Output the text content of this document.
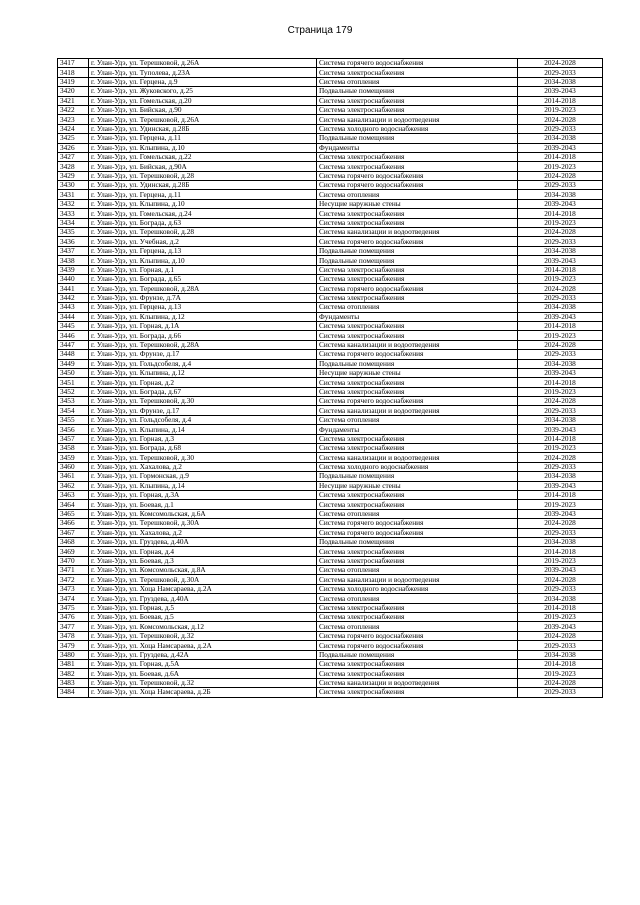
Страница 179
3417	г. Улан-Удэ, ул. Терешковой, д.26А	Система горячего водоснабжения	2024-2028
3418	г. Улан-Удэ, ул. Туполева, д.23А	Система электроснабжения	2029-2033
3419	г. Улан-Удэ, ул. Герцена, д.9	Система отопления	2034-2038
3420	г. Улан-Удэ, ул. Жуковского, д.25	Подвальные помещения	2039-2043
3421	г. Улан-Удэ, ул. Гомельская, д.20	Система электроснабжения	2014-2018
3422	г. Улан-Удэ, ул. Бийская, д.90	Система электроснабжения	2019-2023
3423	г. Улан-Удэ, ул. Терешковой, д.26А	Система канализации и водоотведения	2024-2028
3424	г. Улан-Удэ, ул. Удинская, д.28Б	Система холодного водоснабжения	2029-2033
3425	г. Улан-Удэ, ул. Герцена, д.11	Подвальные помещения	2034-2038
3426	г. Улан-Удэ, ул. Клыпина, д.10	Фундаменты	2039-2043
3427	г. Улан-Удэ, ул. Гомельская, д.22	Система электроснабжения	2014-2018
3428	г. Улан-Удэ, ул. Бийская, д.90А	Система электроснабжения	2019-2023
3429	г. Улан-Удэ, ул. Терешковой, д.28	Система горячего водоснабжения	2024-2028
3430	г. Улан-Удэ, ул. Удинская, д.28Б	Система горячего водоснабжения	2029-2033
3431	г. Улан-Удэ, ул. Герцена, д.11	Система отопления	2034-2038
3432	г. Улан-Удэ, ул. Клыпина, д.10	Несущие наружные стены	2039-2043
3433	г. Улан-Удэ, ул. Гомельская, д.24	Система электроснабжения	2014-2018
3434	г. Улан-Удэ, ул. Бограда, д.63	Система электроснабжения	2019-2023
3435	г. Улан-Удэ, ул. Терешковой, д.28	Система канализации и водоотведения	2024-2028
3436	г. Улан-Удэ, ул. Учебная, д.2	Система горячего водоснабжения	2029-2033
3437	г. Улан-Удэ, ул. Герцена, д.13	Подвальные помещения	2034-2038
3438	г. Улан-Удэ, ул. Клыпина, д.10	Подвальные помещения	2039-2043
3439	г. Улан-Удэ, ул. Горная, д.1	Система электроснабжения	2014-2018
3440	г. Улан-Удэ, ул. Бограда, д.65	Система электроснабжения	2019-2023
3441	г. Улан-Удэ, ул. Терешковой, д.28А	Система горячего водоснабжения	2024-2028
3442	г. Улан-Удэ, ул. Фрунзе, д.7А	Система электроснабжения	2029-2033
3443	г. Улан-Удэ, ул. Герцена, д.13	Система отопления	2034-2038
3444	г. Улан-Удэ, ул. Клыпина, д.12	Фундаменты	2039-2043
3445	г. Улан-Удэ, ул. Горная, д.1А	Система электроснабжения	2014-2018
3446	г. Улан-Удэ, ул. Бограда, д.66	Система электроснабжения	2019-2023
3447	г. Улан-Удэ, ул. Терешковой, д.28А	Система канализации и водоотведения	2024-2028
3448	г. Улан-Удэ, ул. Фрунзе, д.17	Система горячего водоснабжения	2029-2033
3449	г. Улан-Удэ, ул. Гольдсобеля, д.4	Подвальные помещения	2034-2038
3450	г. Улан-Удэ, ул. Клыпина, д.12	Несущие наружные стены	2039-2043
3451	г. Улан-Удэ, ул. Горная, д.2	Система электроснабжения	2014-2018
3452	г. Улан-Удэ, ул. Бограда, д.67	Система электроснабжения	2019-2023
3453	г. Улан-Удэ, ул. Терешковой, д.30	Система горячего водоснабжения	2024-2028
3454	г. Улан-Удэ, ул. Фрунзе, д.17	Система канализации и водоотведения	2029-2033
3455	г. Улан-Удэ, ул. Гольдсобеля, д.4	Система отопления	2034-2038
3456	г. Улан-Удэ, ул. Клыпина, д.14	Фундаменты	2039-2043
3457	г. Улан-Удэ, ул. Горная, д.3	Система электроснабжения	2014-2018
3458	г. Улан-Удэ, ул. Бограда, д.68	Система электроснабжения	2019-2023
3459	г. Улан-Удэ, ул. Терешковой, д.30	Система канализации и водоотведения	2024-2028
3460	г. Улан-Удэ, ул. Хахалова, д.2	Система холодного водоснабжения	2029-2033
3461	г. Улан-Удэ, ул. Гормонская, д.9	Подвальные помещения	2034-2038
3462	г. Улан-Удэ, ул. Клыпина, д.14	Несущие наружные стены	2039-2043
3463	г. Улан-Удэ, ул. Горная, д.3А	Система электроснабжения	2014-2018
3464	г. Улан-Удэ, ул. Боевая, д.1	Система электроснабжения	2019-2023
3465	г. Улан-Удэ, ул. Комсомольская, д.6А	Система отопления	2039-2043
3466	г. Улан-Удэ, ул. Терешковой, д.30А	Система горячего водоснабжения	2024-2028
3467	г. Улан-Удэ, ул. Хахалова, д.2	Система горячего водоснабжения	2029-2033
3468	г. Улан-Удэ, ул. Груздева, д.40А	Подвальные помещения	2034-2038
3469	г. Улан-Удэ, ул. Горная, д.4	Система электроснабжения	2014-2018
3470	г. Улан-Удэ, ул. Боевая, д.3	Система электроснабжения	2019-2023
3471	г. Улан-Удэ, ул. Комсомольская, д.8А	Система отопления	2039-2043
3472	г. Улан-Удэ, ул. Терешковой, д.30А	Система канализации и водоотведения	2024-2028
3473	г. Улан-Удэ, ул. Хоца Намсараева, д.2А	Система холодного водоснабжения	2029-2033
3474	г. Улан-Удэ, ул. Груздева, д.40А	Система отопления	2034-2038
3475	г. Улан-Удэ, ул. Горная, д.5	Система электроснабжения	2014-2018
3476	г. Улан-Удэ, ул. Боевая, д.5	Система электроснабжения	2019-2023
3477	г. Улан-Удэ, ул. Комсомольская, д.12	Система отопления	2039-2043
3478	г. Улан-Удэ, ул. Терешковой, д.32	Система горячего водоснабжения	2024-2028
3479	г. Улан-Удэ, ул. Хоца Намсараева, д.2А	Система горячего водоснабжения	2029-2033
3480	г. Улан-Удэ, ул. Груздева, д.42А	Подвальные помещения	2034-2038
3481	г. Улан-Удэ, ул. Горная, д.5А	Система электроснабжения	2014-2018
3482	г. Улан-Удэ, ул. Боевая, д.6А	Система электроснабжения	2019-2023
3483	г. Улан-Удэ, ул. Терешковой, д.32	Система канализации и водоотведения	2024-2028
3484	г. Улан-Удэ, ул. Хоца Намсараева, д.2Б	Система электроснабжения	2029-2033
